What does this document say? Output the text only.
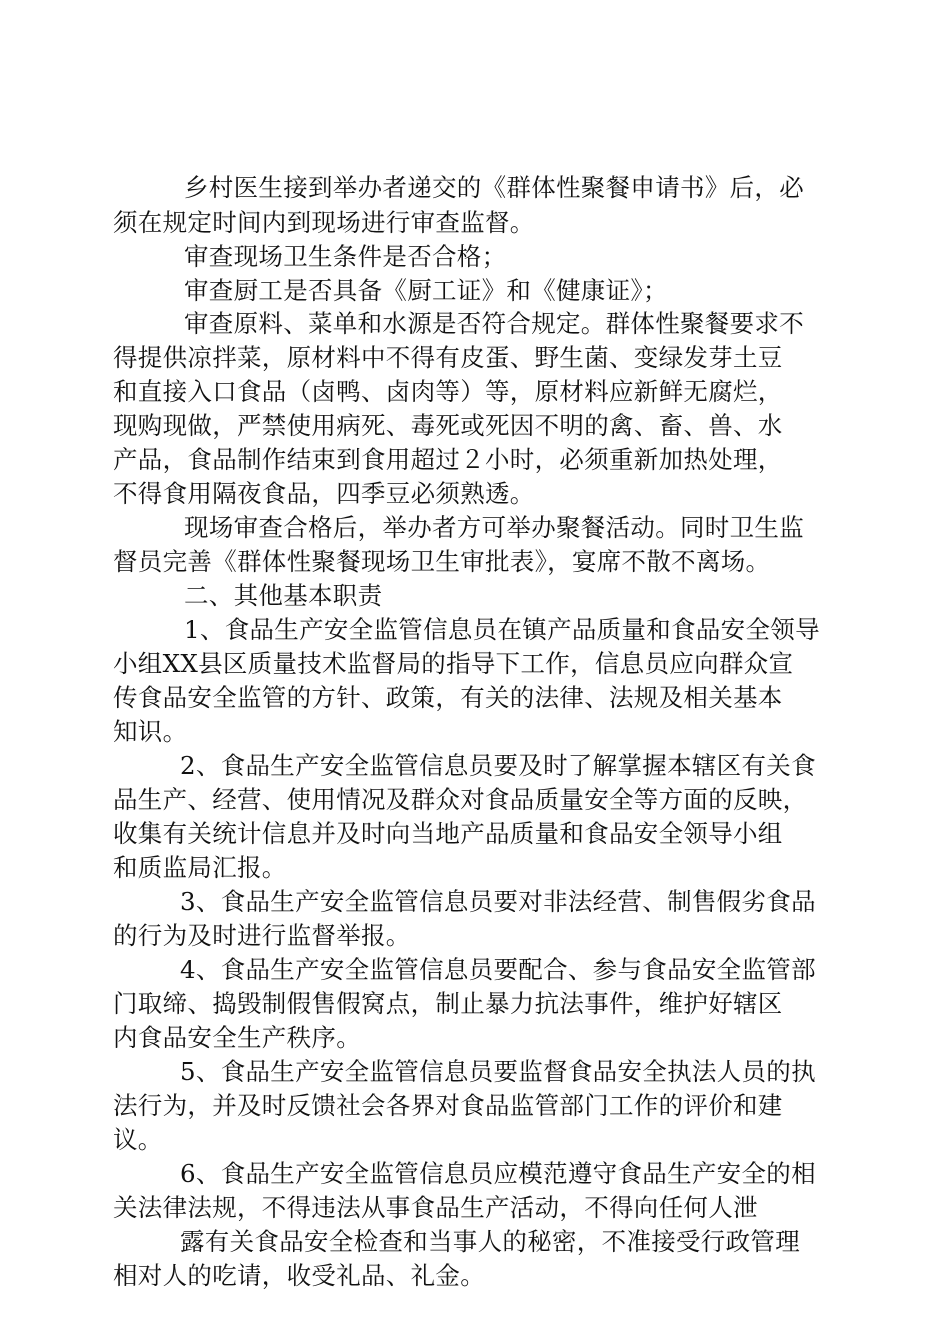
乡村医生接到举办者递交的《群体性聚餐申请书》后，必
须在规定时间内到现场进行审查监督。
审查现场卫生条件是否合格；
审查厨工是否具备《厨工证》和《健康证》；
审查原料、菜单和水源是否符合规定。群体性聚餐要求不
得提供凉拌菜，原材料中不得有皮蛋、野生菌、变绿发芽土豆
和直接入口食品（卤鸭、卤肉等）等，原材料应新鲜无腐烂，
现购现做，严禁使用病死、毒死或死因不明的禽、畜、兽、水
产品，食品制作结束到食用超过２小时，必须重新加热处理，
不得食用隔夜食品，四季豆必须熟透。
现场审查合格后，举办者方可举办聚餐活动。同时卫生监
督员完善《群体性聚餐现场卫生审批表》，宴席不散不离场。
二、其他基本职责
1、食品生产安全监管信息员在镇产品质量和食品安全领导
小组XX县区质量技术监督局的指导下工作，信息员应向群众宣
传食品安全监管的方针、政策，有关的法律、法规及相关基本
知识。
2、食品生产安全监管信息员要及时了解掌握本辖区有关食
品生产、经营、使用情况及群众对食品质量安全等方面的反映，
收集有关统计信息并及时向当地产品质量和食品安全领导小组
和质监局汇报。
3、食品生产安全监管信息员要对非法经营、制售假劣食品
的行为及时进行监督举报。
4、食品生产安全监管信息员要配合、参与食品安全监管部
门取缔、捣毁制假售假窝点，制止暴力抗法事件，维护好辖区
内食品安全生产秩序。
5、食品生产安全监管信息员要监督食品安全执法人员的执
法行为，并及时反馈社会各界对食品监管部门工作的评价和建
议。
6、食品生产安全监管信息员应模范遵守食品生产安全的相
关法律法规，不得违法从事食品生产活动，不得向任何人泄
露有关食品安全检查和当事人的秘密，不准接受行政管理
相对人的吃请，收受礼品、礼金。
